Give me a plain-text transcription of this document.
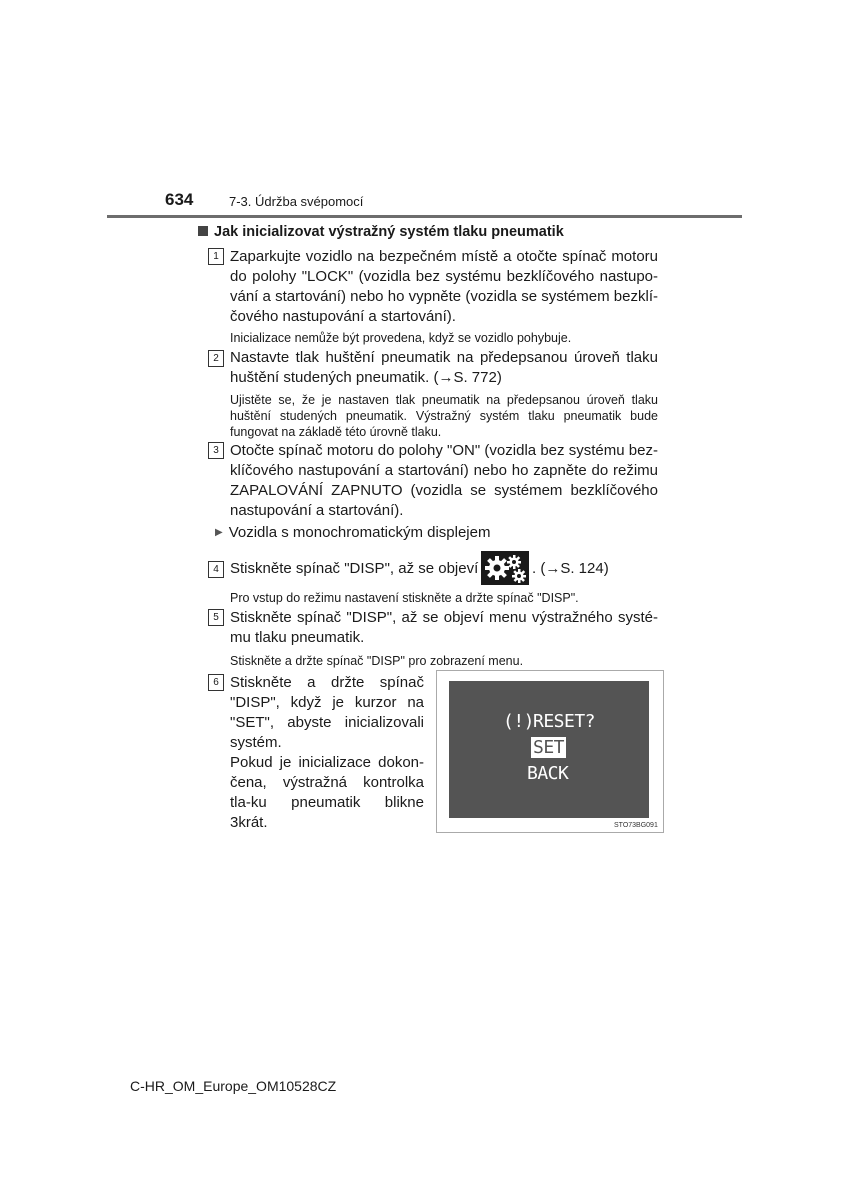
634	7-3. Údržba svépomocí
Jak inicializovat výstražný systém tlaku pneumatik
1 Zaparkujte vozidlo na bezpečném místě a otočte spínač motoru do polohy "LOCK" (vozidla bez systému bezklíčového nastupo-vání a startování) nebo ho vypněte (vozidla se systémem bezklí-čového nastupování a startování).
Inicializace nemůže být provedena, když se vozidlo pohybuje.
2 Nastavte tlak huštění pneumatik na předepsanou úroveň tlaku huštění studených pneumatik. (→S. 772)
Ujistěte se, že je nastaven tlak pneumatik na předepsanou úroveň tlaku huštění studených pneumatik. Výstražný systém tlaku pneumatik bude fungovat na základě této úrovně tlaku.
3 Otočte spínač motoru do polohy "ON" (vozidla bez systému bez-klíčového nastupování a startování) nebo ho zapněte do režimu ZAPALOVÁNÍ ZAPNUTO (vozidla se systémem bezklíčového nastupování a startování).
▶ Vozidla s monochromatickým displejem
4 Stiskněte spínač "DISP", až se objeví	. (→S. 124)
Pro vstup do režimu nastavení stiskněte a držte spínač "DISP".
5 Stiskněte spínač "DISP", až se objeví menu výstražného systé-mu tlaku pneumatik.
Stiskněte a držte spínač "DISP" pro zobrazení menu.
6 Stiskněte a držte spínač "DISP", když je kurzor na "SET", abyste inicializovali systém.
Pokud je inicializace dokon-čena, výstražná kontrolka tla-ku pneumatik blikne 3krát.
(!)
RESET?
SET
BACK
STO73BG091
C-HR_OM_Europe_OM10528CZ
